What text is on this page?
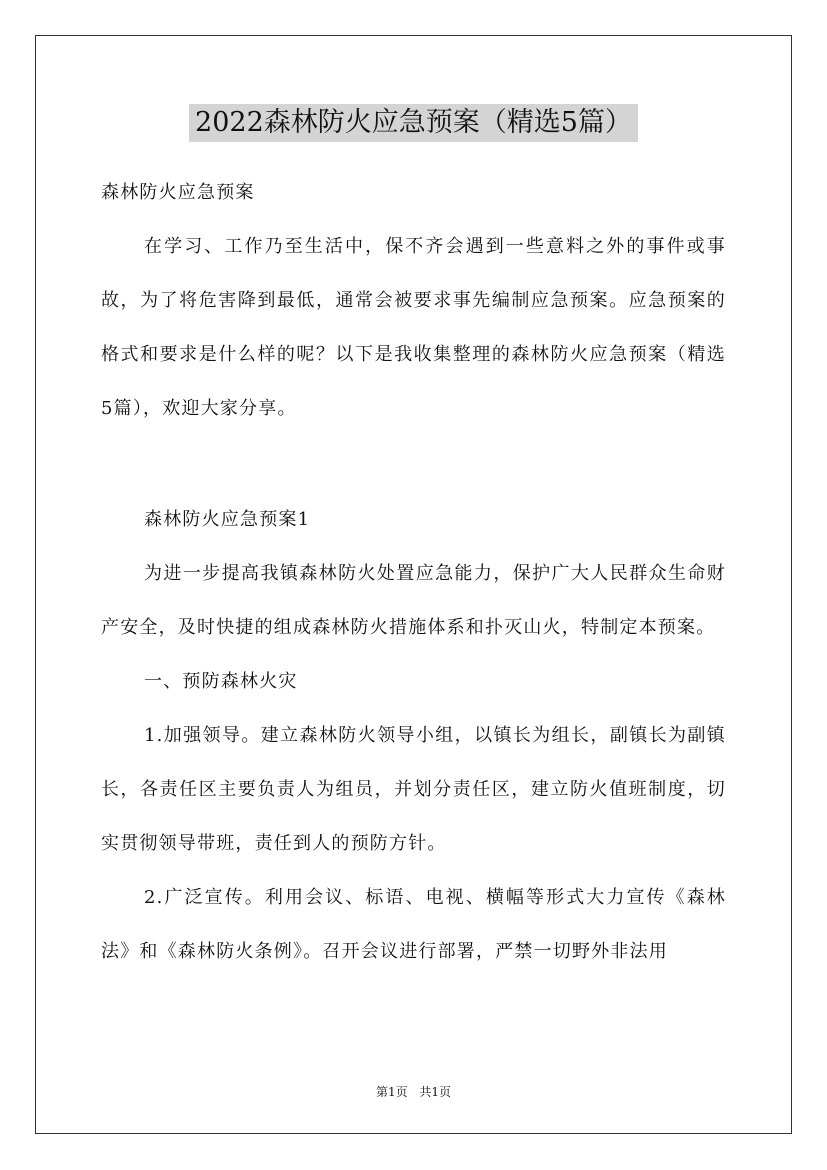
2022森林防火应急预案（精选5篇）

森林防火应急预案

在学习、工作乃至生活中，保不齐会遇到一些意料之外的事件或事故，为了将危害降到最低，通常会被要求事先编制应急预案。应急预案的格式和要求是什么样的呢？以下是我收集整理的森林防火应急预案（精选5篇），欢迎大家分享。

森林防火应急预案1

为进一步提高我镇森林防火处置应急能力，保护广大人民群众生命财产安全，及时快捷的组成森林防火措施体系和扑灭山火，特制定本预案。

一、预防森林火灾

1.加强领导。建立森林防火领导小组，以镇长为组长，副镇长为副镇长，各责任区主要负责人为组员，并划分责任区，建立防火值班制度，切实贯彻领导带班，责任到人的预防方针。

2.广泛宣传。利用会议、标语、电视、横幅等形式大力宣传《森林法》和《森林防火条例》。召开会议进行部署，严禁一切野外非法用

第1页 共1页
